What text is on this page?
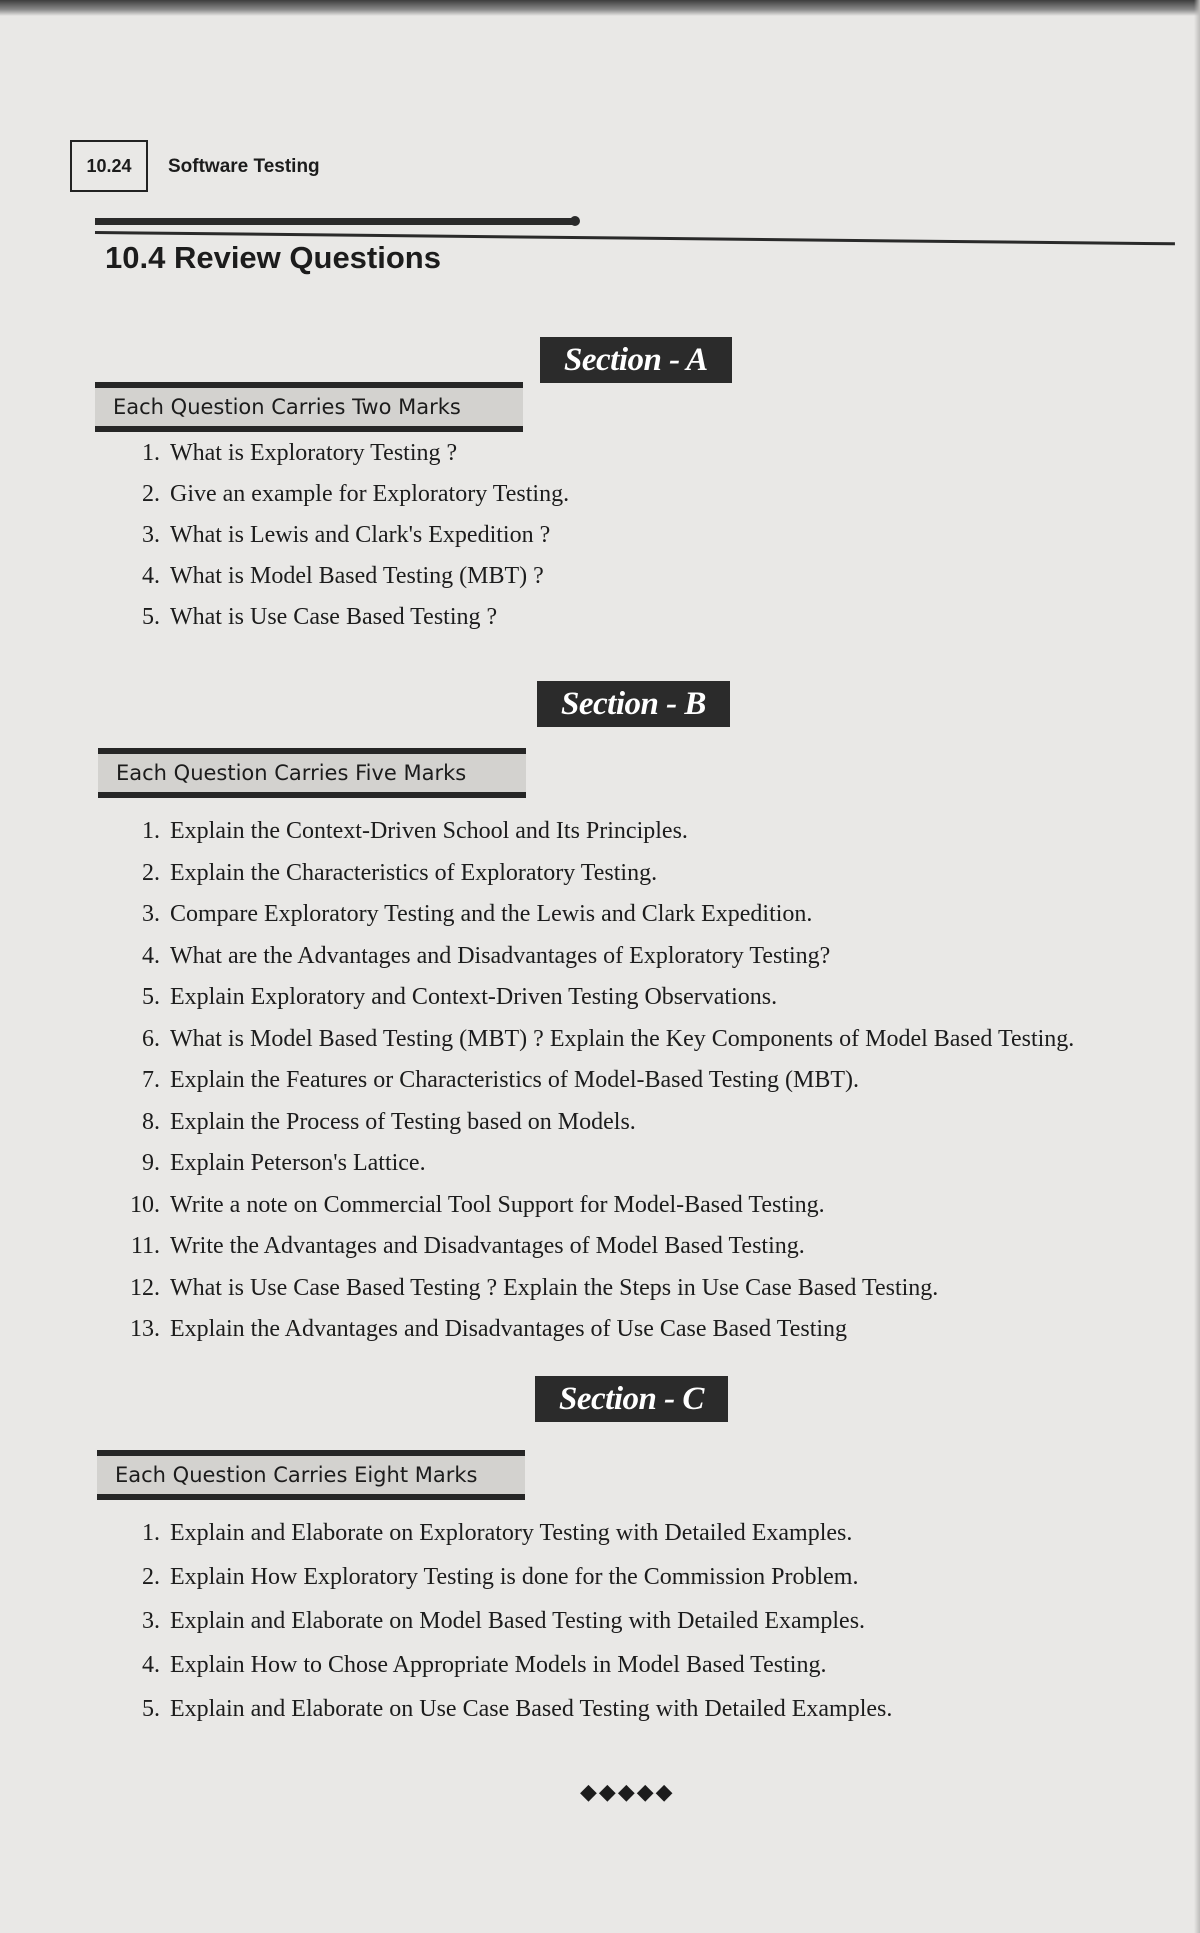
10.24	Software Testing
10.4 Review Questions
Section - A
Each Question Carries Two Marks
1. What is Exploratory Testing ?
2. Give an example for Exploratory Testing.
3. What is Lewis and Clark's Expedition ?
4. What is Model Based Testing (MBT) ?
5. What is Use Case Based Testing ?
Section - B
Each Question Carries Five Marks
1. Explain the Context-Driven School and Its Principles.
2. Explain the Characteristics of Exploratory Testing.
3. Compare Exploratory Testing and the Lewis and Clark Expedition.
4. What are the Advantages and Disadvantages of Exploratory Testing?
5. Explain Exploratory and Context-Driven Testing Observations.
6. What is Model Based Testing (MBT) ? Explain the Key Components of Model Based Testing.
7. Explain the Features or Characteristics of Model-Based Testing (MBT).
8. Explain the Process of Testing based on Models.
9. Explain Peterson's Lattice.
10. Write a note on Commercial Tool Support for Model-Based Testing.
11. Write the Advantages and Disadvantages of Model Based Testing.
12. What is Use Case Based Testing ? Explain the Steps in Use Case Based Testing.
13. Explain the Advantages and Disadvantages of Use Case Based Testing
Section - C
Each Question Carries Eight Marks
1. Explain and Elaborate on Exploratory Testing with Detailed Examples.
2. Explain How Exploratory Testing is done for the Commission Problem.
3. Explain and Elaborate on Model Based Testing with Detailed Examples.
4. Explain How to Chose Appropriate Models in Model Based Testing.
5. Explain and Elaborate on Use Case Based Testing with Detailed Examples.
◆◆◆◆◆
